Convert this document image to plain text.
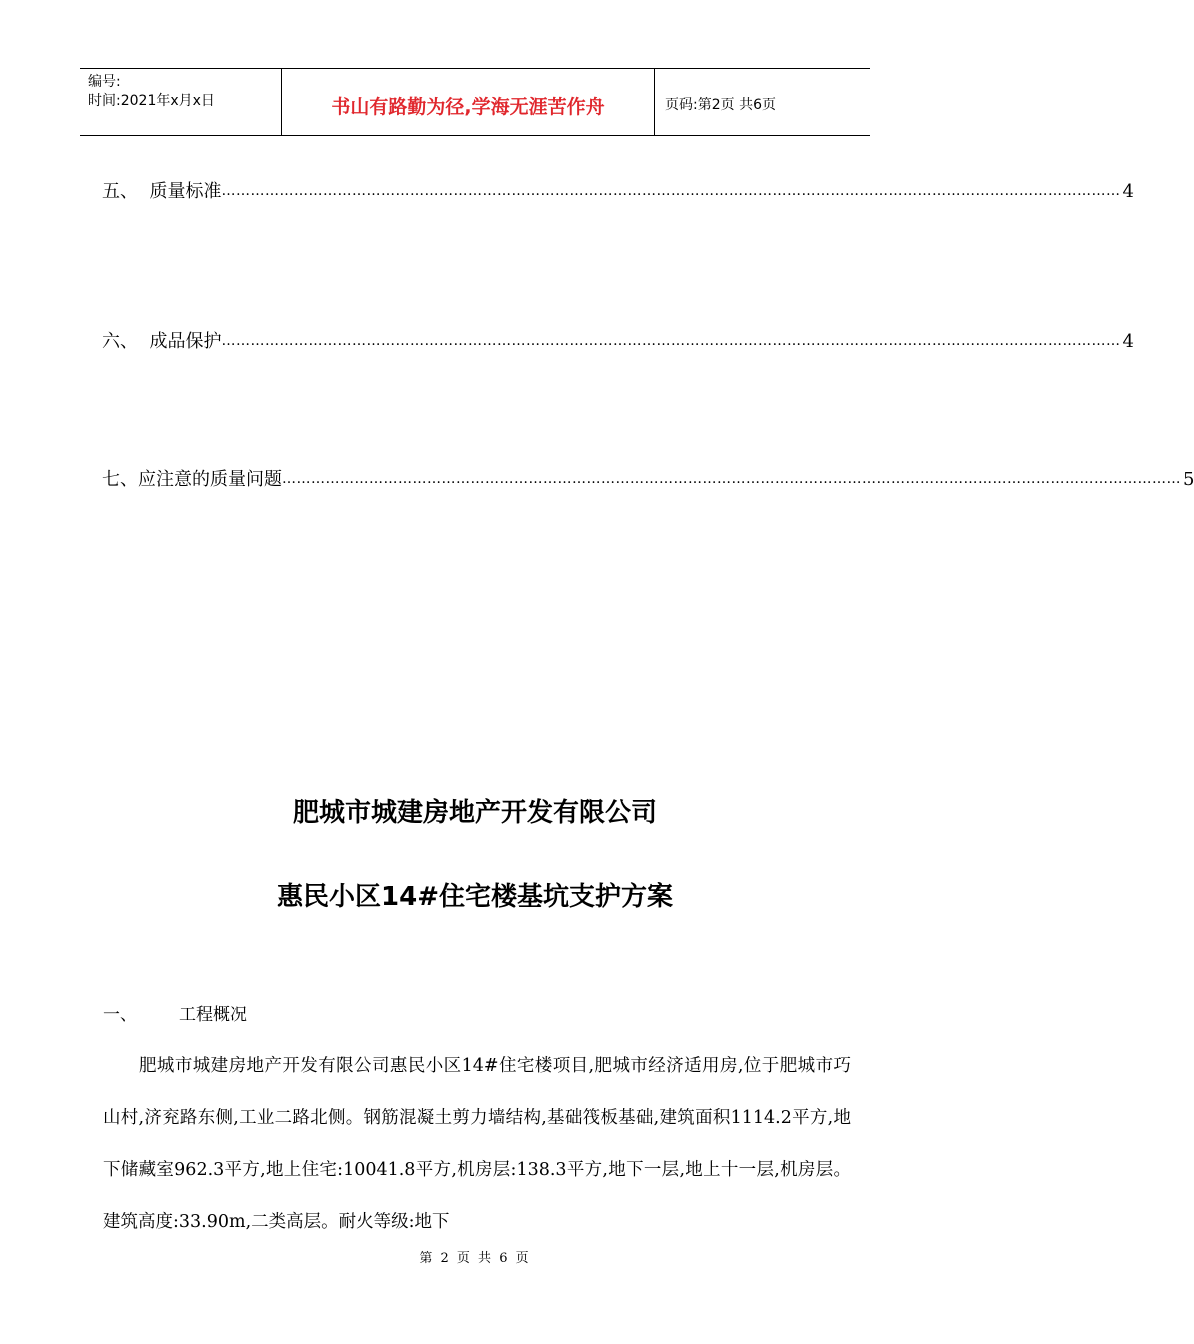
编号:
时间:2021年x月x日	书山有路勤为径,学海无涯苦作舟	页码:第2页 共6页
五、 质量标准 …………………………………………………………………………………………………………………………………………………………………… 4
六、 成品保护 …………………………………………………………………………………………………………………………………………………………………… 4
七、 应注意的质量问题 …………………………………………………………………………………………………………………………………………………………………… 5
肥城市城建房地产开发有限公司
惠民小区14#住宅楼基坑支护方案
一、 工程概况

肥城市城建房地产开发有限公司惠民小区14#住宅楼项目,肥城市经济适用房,位于肥城市巧山村,济兖路东侧,工业二路北侧。钢筋混凝土剪力墙结构,基础筏板基础,建筑面积1114.2平方,地下储藏室962.3平方,地上住宅:10041.8平方,机房层:138.3平方,地下一层,地上十一层,机房层。建筑高度:33.90m,二类高层。耐火等级:地下

第 2 页 共 6 页
